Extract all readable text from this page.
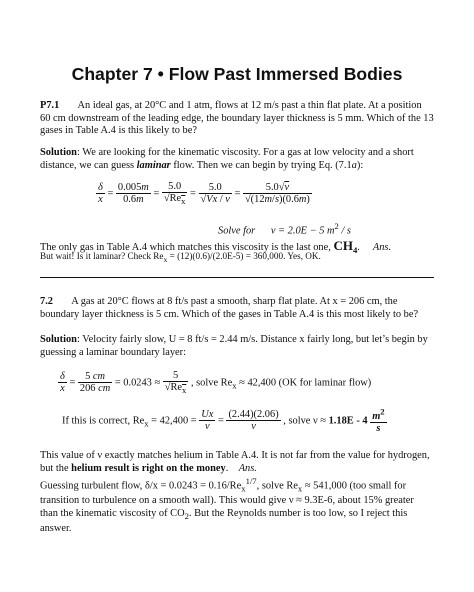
Chapter 7 • Flow Past Immersed Bodies
P7.1 An ideal gas, at 20°C and 1 atm, flows at 12 m/s past a thin flat plate. At a position 60 cm downstream of the leading edge, the boundary layer thickness is 5 mm. Which of the 13 gases in Table A.4 is this likely to be?
Solution: We are looking for the kinematic viscosity. For a gas at low velocity and a short distance, we can guess laminar flow. Then we can begin by trying Eq. (7.1a):
$\frac{\delta}{x} = \frac{0.005m}{0.6m} = \frac{5.0}{√Re_x} = \frac{5.0}{√Vx / \nu} = \frac{5.0√\nu}{√(12m/s)(0.6m)}$
Solve for ν = 2.0E − 5 $m^2$ / s
The only gas in Table A.4 which matches this viscosity is the last one, $CH_4$.     Ans.
But wait! Is it laminar? Check $Re_x = (12)(0.6)/(2.0E-5) = 360,000$. Yes, OK.
7.2 A gas at 20°C flows at 8 ft/s past a smooth, sharp flat plate. At x = 206 cm, the boundary layer thickness is 5 cm. Which of the gases in Table A.4 is this most likely to be?
Solution: Velocity fairly slow, U = 8 ft/s = 2.44 m/s. Distance x fairly long, but let’s begin by guessing a laminar boundary layer:
$\frac{\delta}{x} = \frac{5 cm}{206 cm} = 0.0243 \approx \frac{5}{√Re_x}$ , solve $Re_x \approx 42,400$ (OK for laminar flow)
If this is correct, $Re_x = 42,400 = \frac{Ux}{\nu} = \frac{(2.44)(2.06)}{\nu}$ , solve $\nu \approx 1.18E - 4 \frac{m^2}{s}$
This value of ν exactly matches helium in Table A.4. It is not far from the value for hydrogen, but the helium result is right on the money.    Ans.
Guessing turbulent flow, $\delta/x = 0.0243 = 0.16/Re_x^{1/7}$, solve $Re_x \approx 541,000$ (too small for transition to turbulence on a smooth wall). This would give ν ≈ 9.3E-6, about 15% greater than the kinematic viscosity of $CO_2$. But the Reynolds number is too low, so I reject this answer.
